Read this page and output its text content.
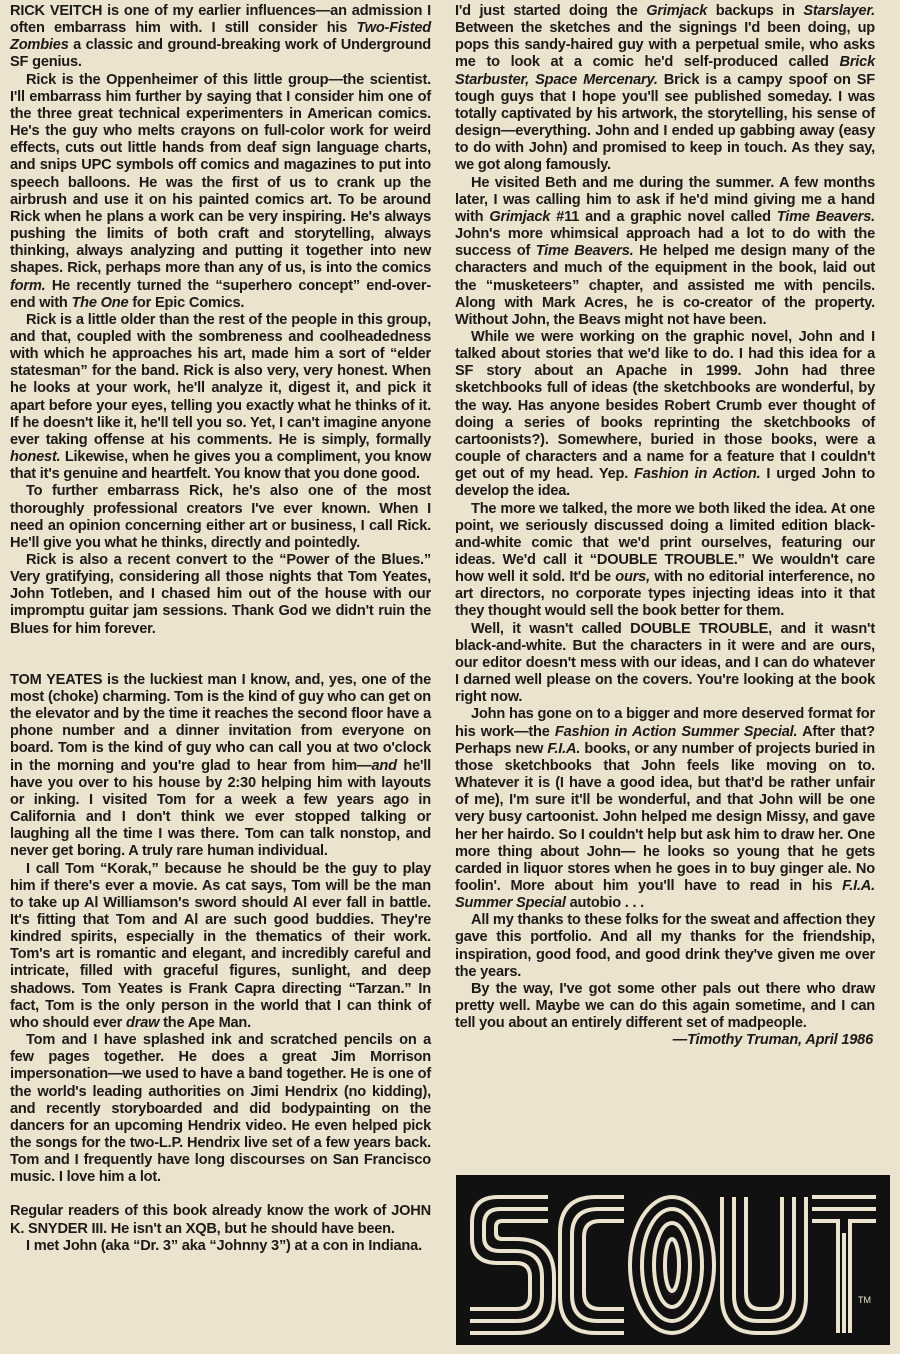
RICK VEITCH is one of my earlier influences—an admission I often embarrass him with. I still consider his Two-Fisted Zombies a classic and ground-breaking work of Underground SF genius.

Rick is the Oppenheimer of this little group—the scientist. I'll embarrass him further by saying that I consider him one of the three great technical experimenters in American comics. He's the guy who melts crayons on full-color work for weird effects, cuts out little hands from deaf sign language charts, and snips UPC symbols off comics and magazines to put into speech balloons. He was the first of us to crank up the airbrush and use it on his painted comics art. To be around Rick when he plans a work can be very inspiring. He's always pushing the limits of both craft and storytelling, always thinking, always analyzing and putting it together into new shapes. Rick, perhaps more than any of us, is into the comics form. He recently turned the “superhero concept” end-over-end with The One for Epic Comics.

Rick is a little older than the rest of the people in this group, and that, coupled with the sombreness and coolheadedness with which he approaches his art, made him a sort of “elder statesman” for the band. Rick is also very, very honest. When he looks at your work, he'll analyze it, digest it, and pick it apart before your eyes, telling you exactly what he thinks of it. If he doesn't like it, he'll tell you so. Yet, I can't imagine anyone ever taking offense at his comments. He is simply, formally honest. Likewise, when he gives you a compliment, you know that it's genuine and heartfelt. You know that you done good.

To further embarrass Rick, he's also one of the most thoroughly professional creators I've ever known. When I need an opinion concerning either art or business, I call Rick. He'll give you what he thinks, directly and pointedly.

Rick is also a recent convert to the “Power of the Blues.” Very gratifying, considering all those nights that Tom Yeates, John Totleben, and I chased him out of the house with our impromptu guitar jam sessions. Thank God we didn't ruin the Blues for him forever.

TOM YEATES is the luckiest man I know, and, yes, one of the most (choke) charming. Tom is the kind of guy who can get on the elevator and by the time it reaches the second floor have a phone number and a dinner invitation from everyone on board. Tom is the kind of guy who can call you at two o'clock in the morning and you're glad to hear from him—and he'll have you over to his house by 2:30 helping him with layouts or inking. I visited Tom for a week a few years ago in California and I don't think we ever stopped talking or laughing all the time I was there. Tom can talk nonstop, and never get boring. A truly rare human individual.

I call Tom “Korak,” because he should be the guy to play him if there's ever a movie. As cat says, Tom will be the man to take up Al Williamson's sword should Al ever fall in battle. It's fitting that Tom and Al are such good buddies. They're kindred spirits, especially in the thematics of their work. Tom's art is romantic and elegant, and incredibly careful and intricate, filled with graceful figures, sunlight, and deep shadows. Tom Yeates is Frank Capra directing “Tarzan.” In fact, Tom is the only person in the world that I can think of who should ever draw the Ape Man.

Tom and I have splashed ink and scratched pencils on a few pages together. He does a great Jim Morrison impersonation—we used to have a band together. He is one of the world's leading authorities on Jimi Hendrix (no kidding), and recently storyboarded and did bodypainting on the dancers for an upcoming Hendrix video. He even helped pick the songs for the two-L.P. Hendrix live set of a few years back. Tom and I frequently have long discourses on San Francisco music. I love him a lot.

Regular readers of this book already know the work of JOHN K. SNYDER III. He isn't an XQB, but he should have been.

I met John (aka “Dr. 3” aka “Johnny 3”) at a con in Indiana.

I'd just started doing the Grimjack backups in Starslayer. Between the sketches and the signings I'd been doing, up pops this sandy-haired guy with a perpetual smile, who asks me to look at a comic he'd self-produced called Brick Starbuster, Space Mercenary. Brick is a campy spoof on SF tough guys that I hope you'll see published someday. I was totally captivated by his artwork, the storytelling, his sense of design—everything. John and I ended up gabbing away (easy to do with John) and promised to keep in touch. As they say, we got along famously.

He visited Beth and me during the summer. A few months later, I was calling him to ask if he'd mind giving me a hand with Grimjack #11 and a graphic novel called Time Beavers. John's more whimsical approach had a lot to do with the success of Time Beavers. He helped me design many of the characters and much of the equipment in the book, laid out the “musketeers” chapter, and assisted me with pencils. Along with Mark Acres, he is co-creator of the property. Without John, the Beavs might not have been.

While we were working on the graphic novel, John and I talked about stories that we'd like to do. I had this idea for a SF story about an Apache in 1999. John had three sketchbooks full of ideas (the sketchbooks are wonderful, by the way. Has anyone besides Robert Crumb ever thought of doing a series of books reprinting the sketchbooks of cartoonists?). Somewhere, buried in those books, were a couple of characters and a name for a feature that I couldn't get out of my head. Yep. Fashion in Action. I urged John to develop the idea.

The more we talked, the more we both liked the idea. At one point, we seriously discussed doing a limited edition black-and-white comic that we'd print ourselves, featuring our ideas. We'd call it “DOUBLE TROUBLE.” We wouldn't care how well it sold. It'd be ours, with no editorial interference, no art directors, no corporate types injecting ideas into it that they thought would sell the book better for them.

Well, it wasn't called DOUBLE TROUBLE, and it wasn't black-and-white. But the characters in it were and are ours, our editor doesn't mess with our ideas, and I can do whatever I darned well please on the covers. You're looking at the book right now.

John has gone on to a bigger and more deserved format for his work—the Fashion in Action Summer Special. After that? Perhaps new F.I.A. books, or any number of projects buried in those sketchbooks that John feels like moving on to. Whatever it is (I have a good idea, but that'd be rather unfair of me), I'm sure it'll be wonderful, and that John will be one very busy cartoonist. John helped me design Missy, and gave her her hairdo. So I couldn't help but ask him to draw her. One more thing about John— he looks so young that he gets carded in liquor stores when he goes in to buy ginger ale. No foolin'. More about him you'll have to read in his F.I.A. Summer Special autobio . . .

All my thanks to these folks for the sweat and affection they gave this portfolio. And all my thanks for the friendship, inspiration, good food, and good drink they've given me over the years.

By the way, I've got some other pals out there who draw pretty well. Maybe we can do this again sometime, and I can tell you about an entirely different set of madpeople.

—Timothy Truman, April 1986

TM
